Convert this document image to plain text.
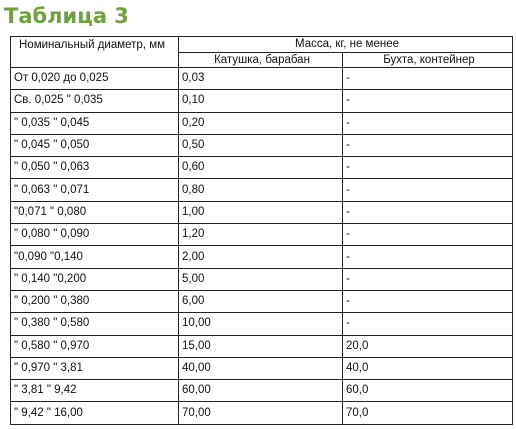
Таблица 3
Номинальный диаметр, мм	Масса, кг, не менее	
	Катушка, барабан	Бухта, контейнер
От 0,020 до 0,025	0,03	-
Св. 0,025 " 0,035	0,10	-
" 0,035 " 0,045	0,20	-
" 0,045 " 0,050	0,50	-
" 0,050 " 0,063	0,60	-
" 0,063 " 0,071	0,80	-
"0,071 " 0,080	1,00	-
" 0,080 " 0,090	1,20	-
"0,090 "0,140	2,00	-
" 0,140 "0,200	5,00	-
" 0,200 " 0,380	6,00	-
" 0,380 " 0,580	10,00	-
" 0,580 " 0,970	15,00	20,0
" 0,970 " 3,81	40,00	40,0
" 3,81 " 9,42	60,00	60,0
" 9,42 " 16,00	70,00	70,0
